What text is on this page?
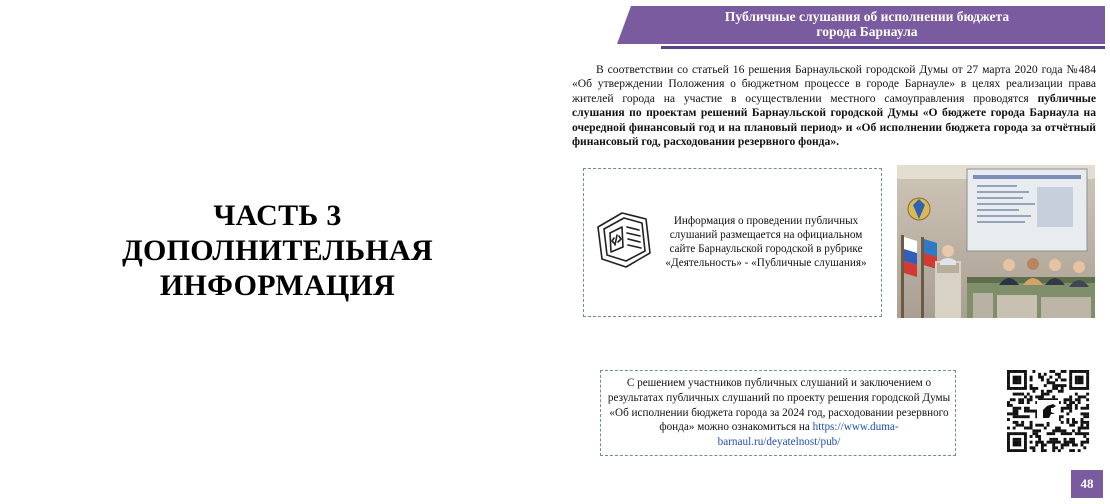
ЧАСТЬ 3
ДОПОЛНИТЕЛЬНАЯ
ИНФОРМАЦИЯ
Публичные слушания об исполнении бюджета
города Барнаула

В соответствии со статьей 16 решения Барнаульской городской Думы от 27 марта 2020 года №484 «Об утверждении Положения о бюджетном процессе в городе Барнауле» в целях реализации права жителей города на участие в осуществлении местного самоуправления проводятся публичные слушания по проектам решений Барнаульской городской Думы «О бюджете города Барнаула на очередной финансовый год и на плановый период» и «Об исполнении бюджета города за отчётный финансовый год, расходовании резервного фонда».

Информация о проведении публичных слушаний размещается на официальном сайте Барнаульской городской в рубрике «Деятельность» - «Публичные слушания»

С решением участников публичных слушаний и заключением о результатах публичных слушаний по проекту решения городской Думы «Об исполнении бюджета города за 2024 год, расходовании резервного фонда» можно ознакомиться на https://www.duma-barnaul.ru/deyatelnost/pub/

48
